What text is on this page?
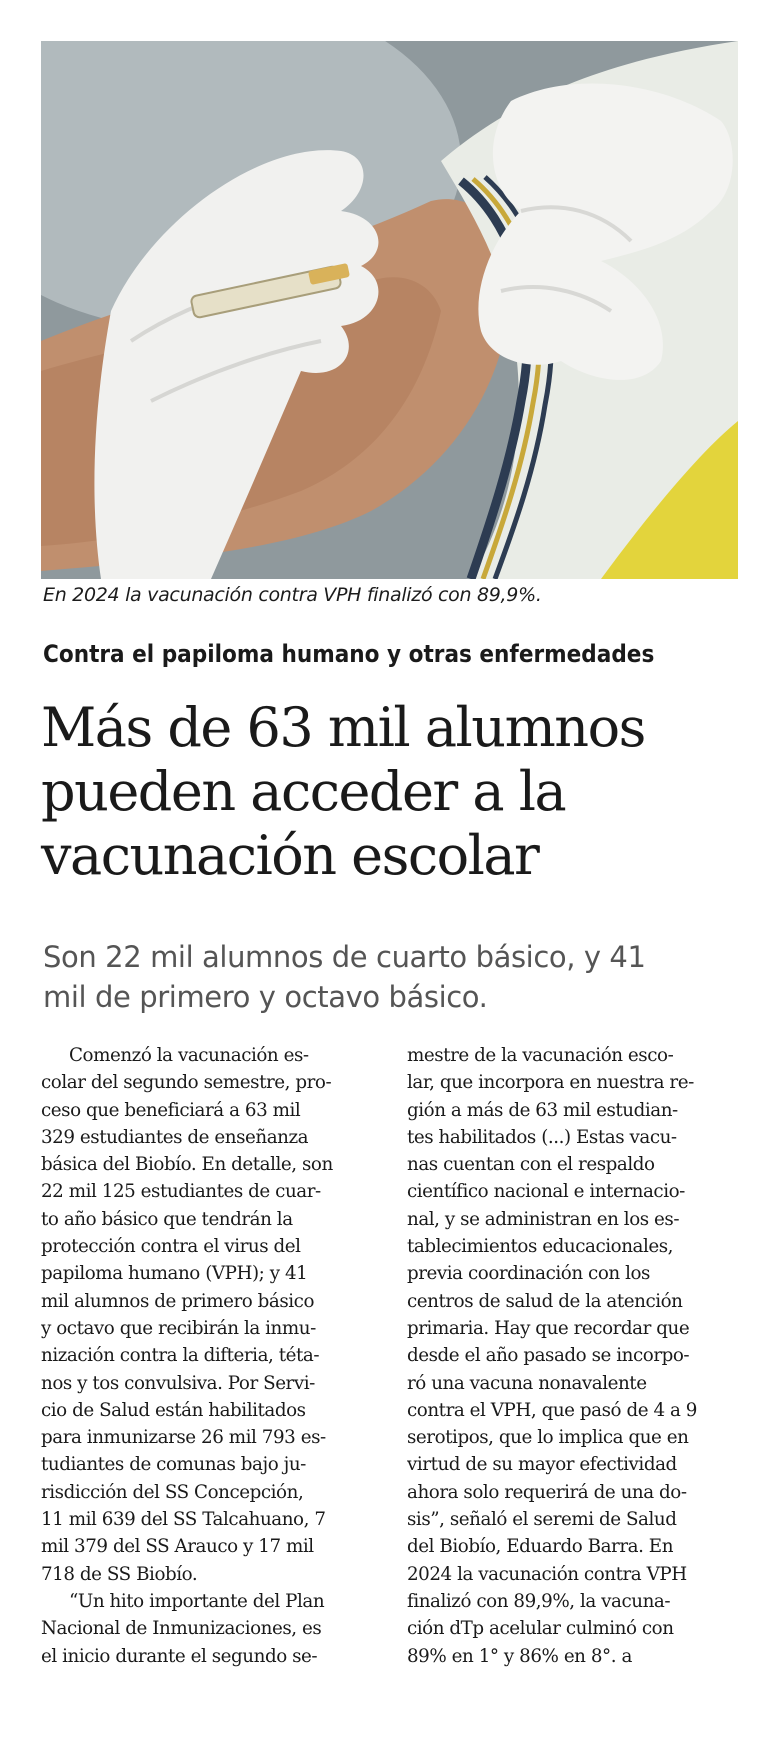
En 2024 la vacunación contra VPH finalizó con 89,9%.
Contra el papiloma humano y otras enfermedades
Más de 63 mil alumnos
pueden acceder a la
vacunación escolar
Son 22 mil alumnos de cuarto básico, y 41
mil de primero y octavo básico.
Comenzó la vacunación es-
colar del segundo semestre, pro-
ceso que beneficiará a 63 mil
329 estudiantes de enseñanza
básica del Biobío. En detalle, son
22 mil 125 estudiantes de cuar-
to año básico que tendrán la
protección contra el virus del
papiloma humano (VPH); y 41
mil alumnos de primero básico
y octavo que recibirán la inmu-
nización contra la difteria, téta-
nos y tos convulsiva. Por Servi-
cio de Salud están habilitados
para inmunizarse 26 mil 793 es-
tudiantes de comunas bajo ju-
risdicción del SS Concepción,
11 mil 639 del SS Talcahuano, 7
mil 379 del SS Arauco y 17 mil
718 de SS Biobío.
“Un hito importante del Plan
Nacional de Inmunizaciones, es
el inicio durante el segundo se-
mestre de la vacunación esco-
lar, que incorpora en nuestra re-
gión a más de 63 mil estudian-
tes habilitados (...) Estas vacu-
nas cuentan con el respaldo
científico nacional e internacio-
nal, y se administran en los es-
tablecimientos educacionales,
previa coordinación con los
centros de salud de la atención
primaria. Hay que recordar que
desde el año pasado se incorpo-
ró una vacuna nonavalente
contra el VPH, que pasó de 4 a 9
serotipos, que lo implica que en
virtud de su mayor efectividad
ahora solo requerirá de una do-
sis”, señaló el seremi de Salud
del Biobío, Eduardo Barra. En
2024 la vacunación contra VPH
finalizó con 89,9%, la vacuna-
ción dTp acelular culminó con
89% en 1° y 86% en 8°. a
